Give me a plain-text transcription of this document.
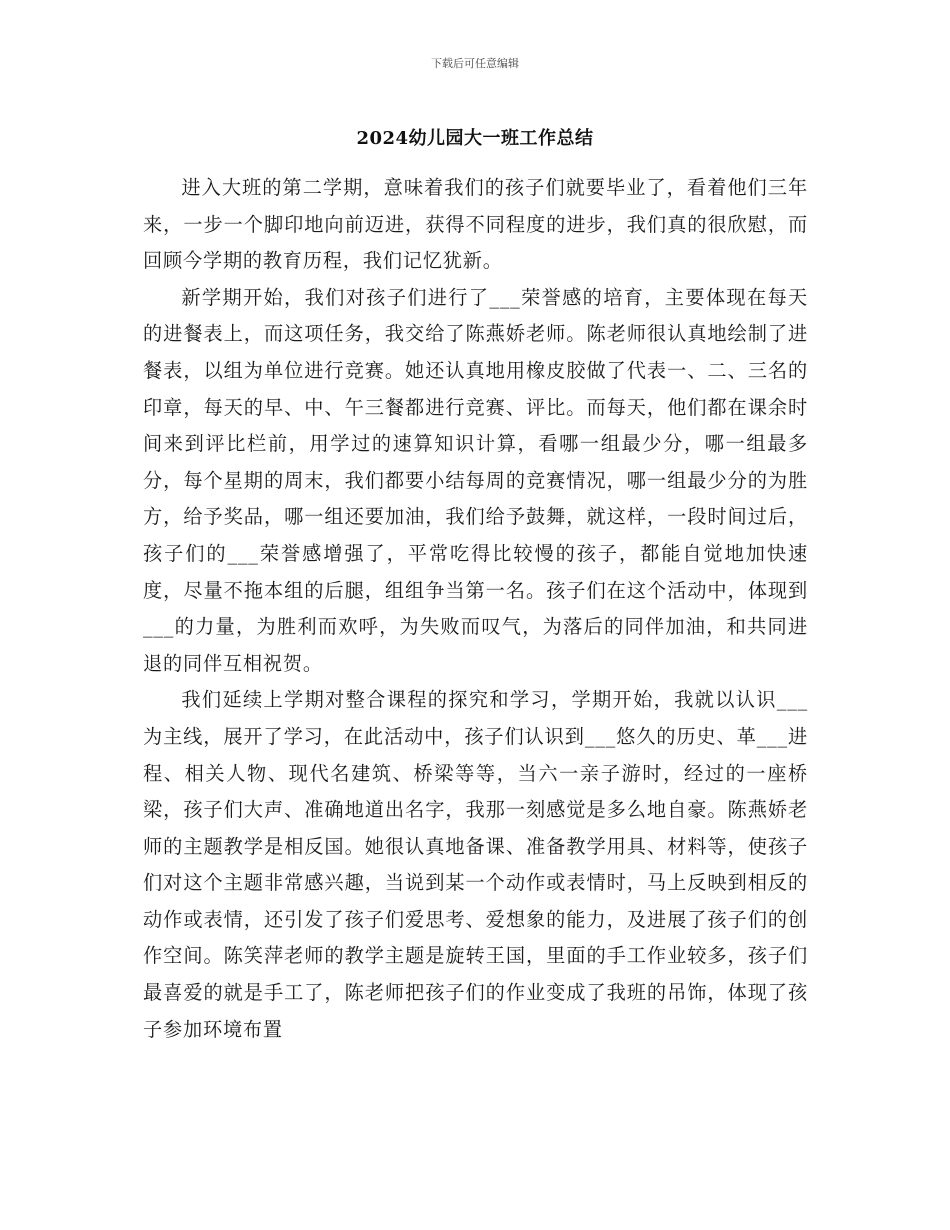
下载后可任意编辑
2024幼儿园大一班工作总结

进入大班的第二学期，意味着我们的孩子们就要毕业了，看着他们三年来，一步一个脚印地向前迈进，获得不同程度的进步，我们真的很欣慰，而回顾今学期的教育历程，我们记忆犹新。

新学期开始，我们对孩子们进行了___荣誉感的培育，主要体现在每天的进餐表上，而这项任务，我交给了陈燕娇老师。陈老师很认真地绘制了进餐表，以组为单位进行竞赛。她还认真地用橡皮胶做了代表一、二、三名的印章，每天的早、中、午三餐都进行竞赛、评比。而每天，他们都在课余时间来到评比栏前，用学过的速算知识计算，看哪一组最少分，哪一组最多分，每个星期的周末，我们都要小结每周的竞赛情况，哪一组最少分的为胜方，给予奖品，哪一组还要加油，我们给予鼓舞，就这样，一段时间过后，孩子们的___荣誉感增强了，平常吃得比较慢的孩子，都能自觉地加快速度，尽量不拖本组的后腿，组组争当第一名。孩子们在这个活动中，体现到___的力量，为胜利而欢呼，为失败而叹气，为落后的同伴加油，和共同进退的同伴互相祝贺。

我们延续上学期对整合课程的探究和学习，学期开始，我就以认识___为主线，展开了学习，在此活动中，孩子们认识到___悠久的历史、革___进程、相关人物、现代名建筑、桥梁等等，当六一亲子游时，经过的一座桥梁，孩子们大声、准确地道出名字，我那一刻感觉是多么地自豪。陈燕娇老师的主题教学是相反国。她很认真地备课、准备教学用具、材料等，使孩子们对这个主题非常感兴趣，当说到某一个动作或表情时，马上反映到相反的动作或表情，还引发了孩子们爱思考、爱想象的能力，及进展了孩子们的创作空间。陈笑萍老师的教学主题是旋转王国，里面的手工作业较多，孩子们最喜爱的就是手工了，陈老师把孩子们的作业变成了我班的吊饰，体现了孩子参加环境布置
